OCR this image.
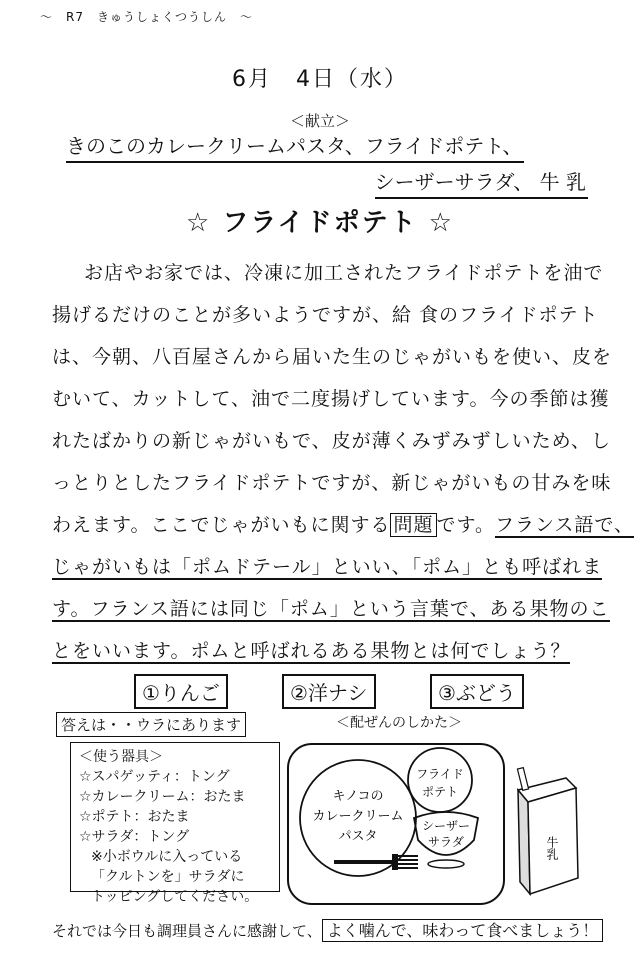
～　R7　きゅうしょくつうしん　～
6月　4日（水）
＜献立＞
きのこのカレークリームパスタ、フライドポテト、
シーザーサラダ、 牛 乳
☆ フライドポテト ☆
お店やお家では、冷凍に加工されたフライドポテトを油で
揚げるだけのことが多いようですが、給 食のフライドポテト
は、今朝、八百屋さんから届いた生のじゃがいもを使い、皮を
むいて、カットして、油で二度揚げしています。今の季節は獲
れたばかりの新じゃがいもで、皮が薄くみずみずしいため、し
っとりとしたフライドポテトですが、新じゃがいもの甘みを味
わえます。ここでじゃがいもに関する 問題 です。フランス語で、
じゃがいもは「ポムドテール」といい、「ポム」とも呼ばれま
す。フランス語には同じ「ポム」という言葉で、ある果物のこ
とをいいます。ポムと呼ばれるある果物とは何でしょう？
①りんご	②洋ナシ	③ぶどう
答えは・・ウラにあります
＜使う器具＞
☆スパゲッティ：トング
☆カレークリーム：おたま
☆ポテト：おたま
☆サラダ：トング
※小ボウルに入っている
「クルトンを」サラダに
トッピングしてください。
＜配ぜんのしかた＞
キノコの
カレークリーム
パスタ
フライド
ポテト
シーザー
サラダ	牛乳
それでは今日も調理員さんに感謝して、 よく噛んで、味わって食べましょう！
